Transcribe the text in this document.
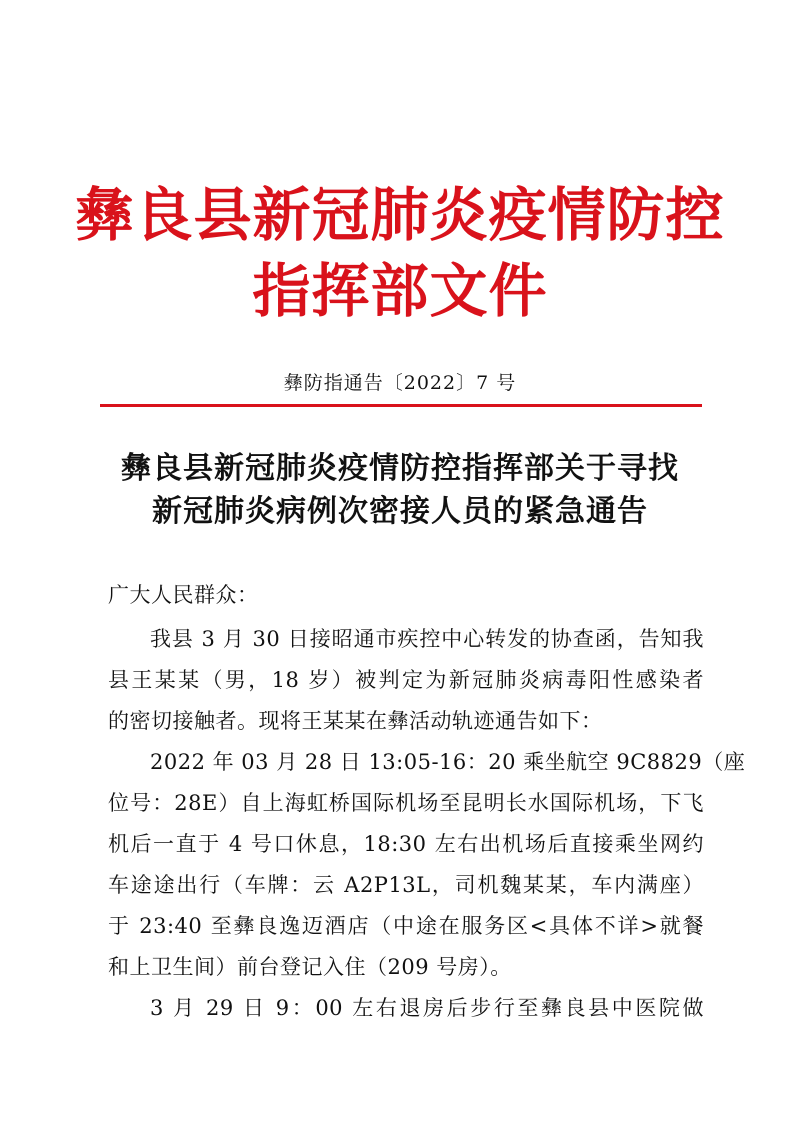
彝良县新冠肺炎疫情防控
指挥部文件
彝防指通告〔2022〕7 号
彝良县新冠肺炎疫情防控指挥部关于寻找
新冠肺炎病例次密接人员的紧急通告
广大人民群众：
我县 3 月 30 日接昭通市疾控中心转发的协查函，告知我
县王某某（男，18 岁）被判定为新冠肺炎病毒阳性感染者
的密切接触者。现将王某某在彝活动轨迹通告如下：
2022 年 03 月 28 日 13:05-16：20 乘坐航空 9C8829（座
位号：28E）自上海虹桥国际机场至昆明长水国际机场，下飞
机后一直于 4 号口休息，18:30 左右出机场后直接乘坐网约
车途途出行（车牌：云 A2P13L，司机魏某某，车内满座）
于 23:40 至彝良逸迈酒店（中途在服务区<具体不详>就餐
和上卫生间）前台登记入住（209 号房）。
3 月 29 日 9：00 左右退房后步行至彝良县中医院做
